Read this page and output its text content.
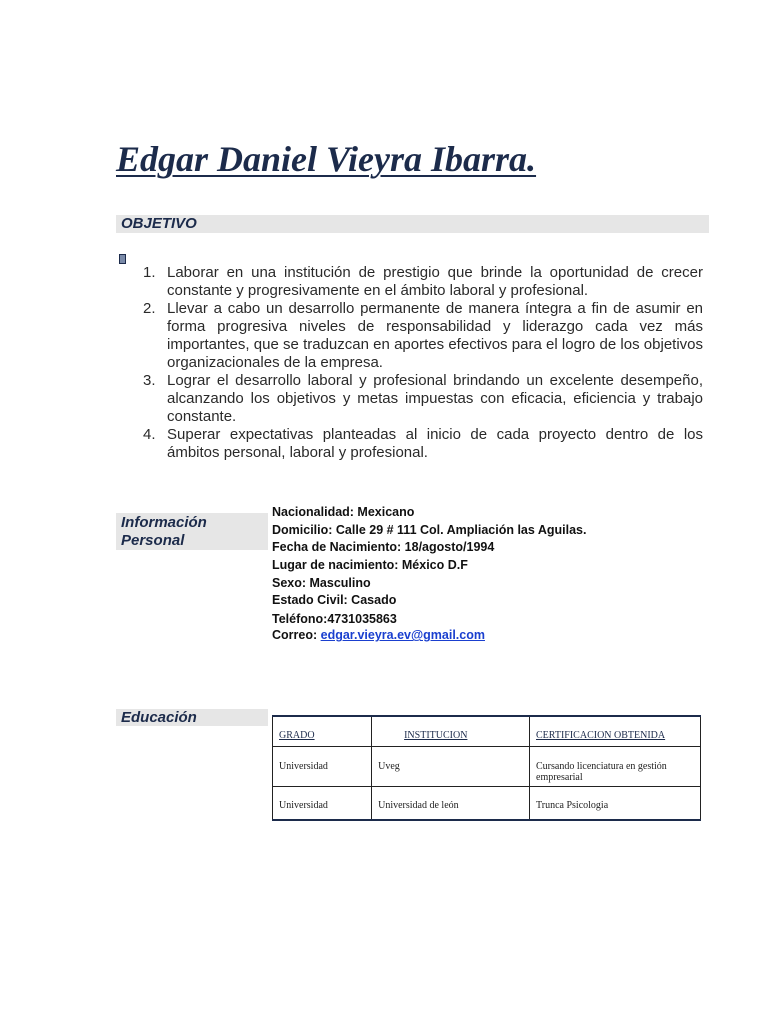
Edgar Daniel Vieyra Ibarra.
OBJETIVO
1. Laborar en una institución de prestigio que brinde la oportunidad de crecer constante y progresivamente en el ámbito laboral y profesional.
2. Llevar a cabo un desarrollo permanente de manera íntegra a fin de asumir en forma progresiva niveles de responsabilidad y liderazgo cada vez más importantes, que se traduzcan en aportes efectivos para el logro de los objetivos organizacionales de la empresa.
3. Lograr el desarrollo laboral y profesional brindando un excelente desempeño, alcanzando los objetivos y metas impuestas con eficacia, eficiencia y trabajo constante.
4. Superar expectativas planteadas al inicio de cada proyecto dentro de los ámbitos personal, laboral y profesional.
Información
Personal
Nacionalidad: Mexicano
Domicilio: Calle 29 # 111 Col. Ampliación las Aguilas.
Fecha de Nacimiento: 18/agosto/1994
Lugar de nacimiento: México D.F
Sexo: Masculino
Estado Civil: Casado
Teléfono:4731035863
Correo: edgar.vieyra.ev@gmail.com
Educación
GRADO	INSTITUCION	CERTIFICACION OBTENIDA
Universidad	Uveg	Cursando licenciatura en gestión empresarial
Universidad	Universidad de león	Trunca Psicologia
